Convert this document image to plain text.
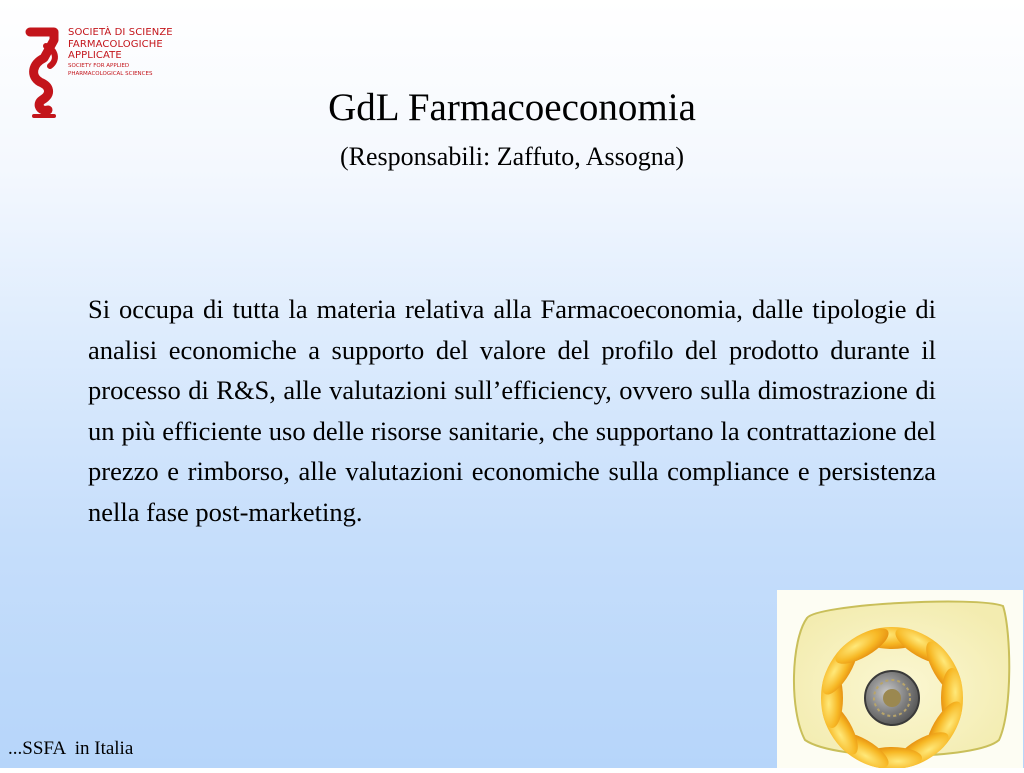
SOCIETÀ DI SCIENZE
FARMACOLOGICHE
APPLICATE
SOCIETY FOR APPLIED
PHARMACOLOGICAL SCIENCES
GdL Farmacoeconomia
(Responsabili: Zaffuto, Assogna)

Si occupa di tutta la materia relativa alla Farmacoeconomia, dalle tipologie di analisi economiche a supporto del valore del profilo del prodotto durante il processo di R&S, alle valutazioni sull’efficiency, ovvero sulla dimostrazione di un più efficiente uso delle risorse sanitarie, che supportano la contrattazione del prezzo e rimborso, alle valutazioni economiche sulla compliance e persistenza nella fase post-marketing.

...SSFA  in Italia
